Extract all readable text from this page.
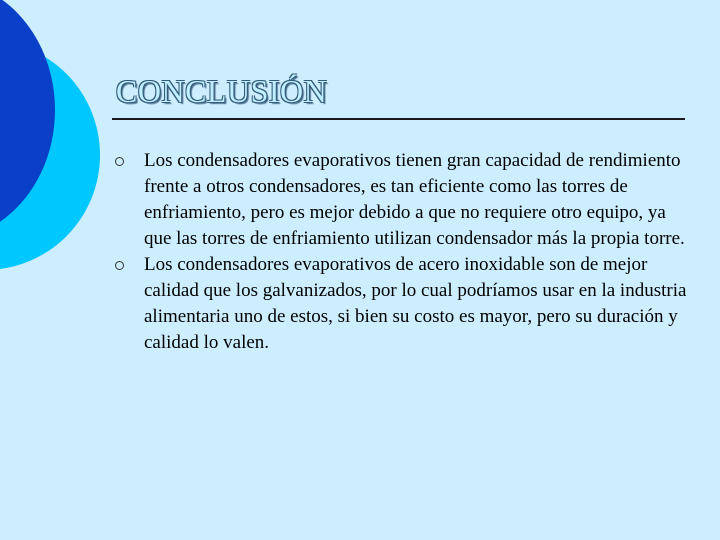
CONCLUSIÓN
Los condensadores evaporativos tienen gran capacidad de rendimiento frente a otros condensadores, es tan eficiente como las torres de enfriamiento, pero es mejor debido a que no requiere otro equipo, ya que las torres de enfriamiento utilizan condensador más la propia torre.
Los condensadores evaporativos de acero inoxidable son de mejor calidad que los galvanizados, por lo cual podríamos usar en la industria alimentaria uno de estos, si bien su costo es mayor, pero su duración y calidad lo valen.
